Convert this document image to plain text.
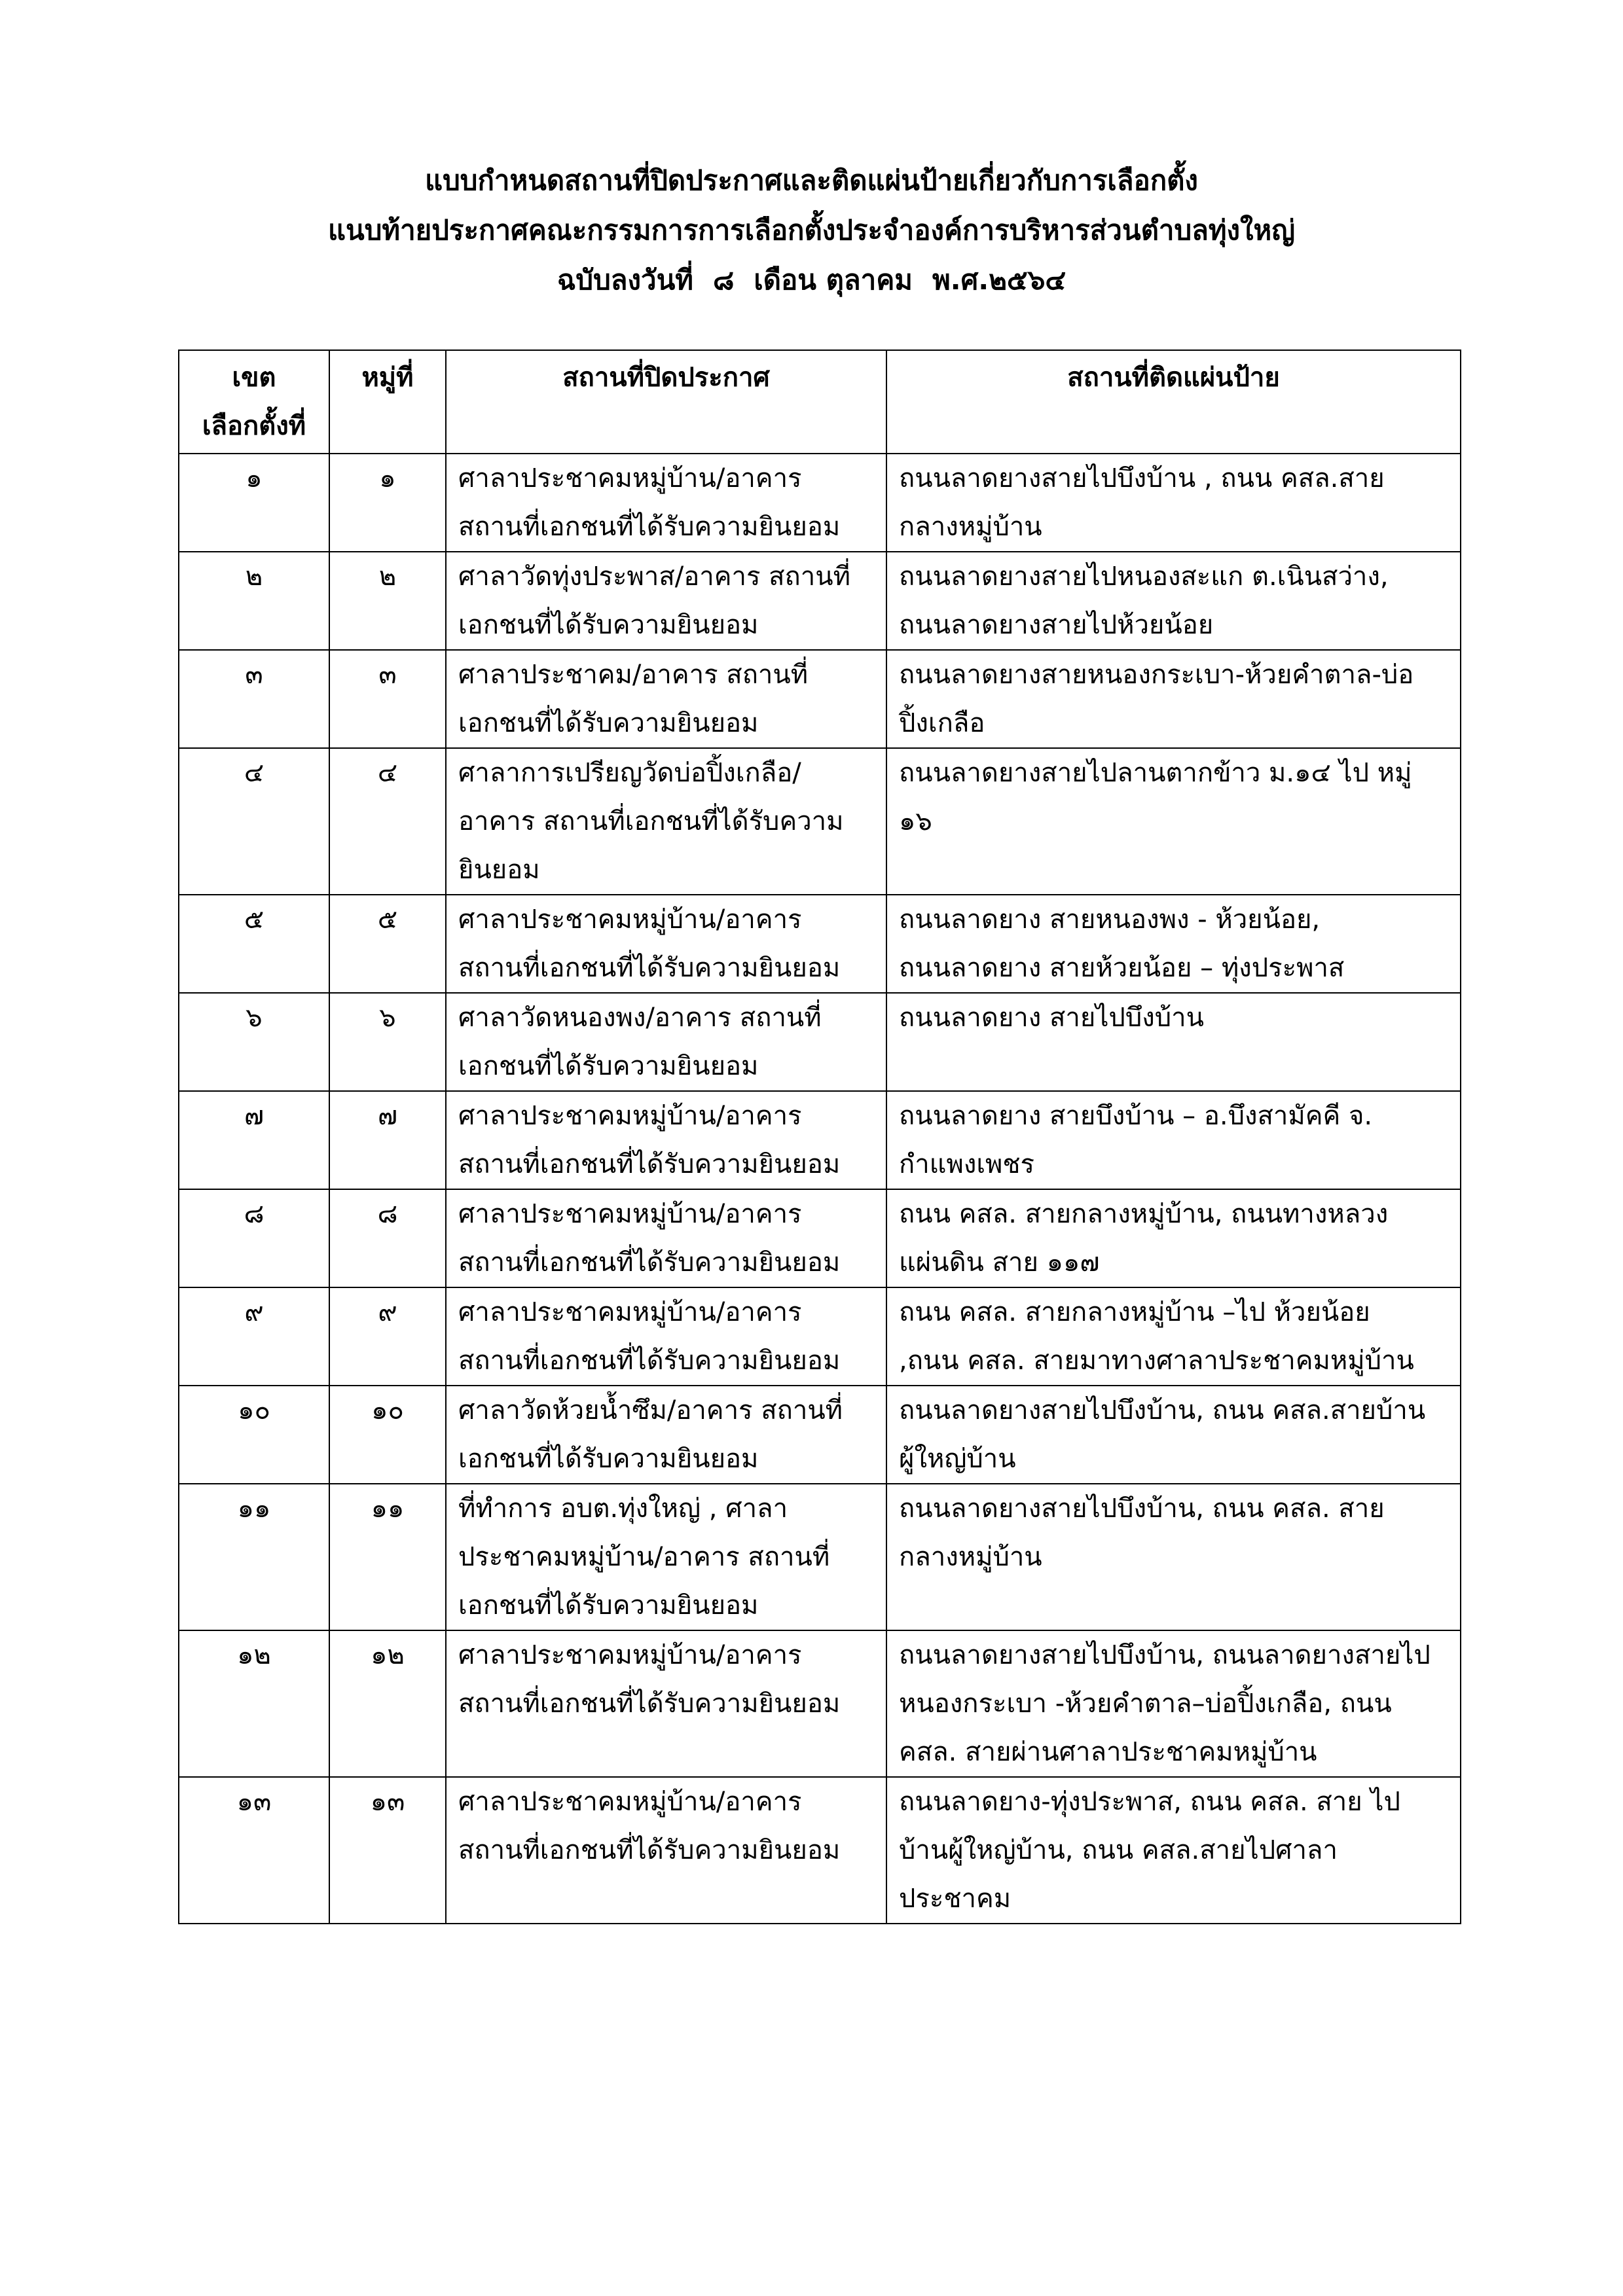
แบบกำหนดสถานที่ปิดประกาศและติดแผ่นป้ายเกี่ยวกับการเลือกตั้ง
แนบท้ายประกาศคณะกรรมการการเลือกตั้งประจำองค์การบริหารส่วนตำบลทุ่งใหญ่
ฉบับลงวันที่ ๘ เดือน ตุลาคม พ.ศ.๒๕๖๔
เขต
เลือกตั้งที่	หมู่ที่	สถานที่ปิดประกาศ	สถานที่ติดแผ่นป้าย
๑	๑	ศาลาประชาคมหมู่บ้าน/อาคาร
สถานที่เอกชนที่ได้รับความยินยอม	ถนนลาดยางสายไปบึงบ้าน , ถนน คสล.สาย
กลางหมู่บ้าน
๒	๒	ศาลาวัดทุ่งประพาส/อาคาร สถานที่
เอกชนที่ได้รับความยินยอม	ถนนลาดยางสายไปหนองสะแก ต.เนินสว่าง,
ถนนลาดยางสายไปห้วยน้อย
๓	๓	ศาลาประชาคม/อาคาร สถานที่
เอกชนที่ได้รับความยินยอม	ถนนลาดยางสายหนองกระเบา-ห้วยคำตาล-บ่อ
ปิ้งเกลือ
๔	๔	ศาลาการเปรียญวัดบ่อปิ้งเกลือ/
อาคาร สถานที่เอกชนที่ได้รับความ
ยินยอม	ถนนลาดยางสายไปลานตากข้าว ม.๑๔ ไป หมู่
๑๖
๕	๕	ศาลาประชาคมหมู่บ้าน/อาคาร
สถานที่เอกชนที่ได้รับความยินยอม	ถนนลาดยาง สายหนองพง - ห้วยน้อย,
ถนนลาดยาง สายห้วยน้อย – ทุ่งประพาส
๖	๖	ศาลาวัดหนองพง/อาคาร สถานที่
เอกชนที่ได้รับความยินยอม	ถนนลาดยาง สายไปบึงบ้าน
๗	๗	ศาลาประชาคมหมู่บ้าน/อาคาร
สถานที่เอกชนที่ได้รับความยินยอม	ถนนลาดยาง สายบึงบ้าน – อ.บึงสามัคคี จ.
กำแพงเพชร
๘	๘	ศาลาประชาคมหมู่บ้าน/อาคาร
สถานที่เอกชนที่ได้รับความยินยอม	ถนน คสล. สายกลางหมู่บ้าน, ถนนทางหลวง
แผ่นดิน สาย ๑๑๗
๙	๙	ศาลาประชาคมหมู่บ้าน/อาคาร
สถานที่เอกชนที่ได้รับความยินยอม	ถนน คสล. สายกลางหมู่บ้าน –ไป ห้วยน้อย
,ถนน คสล. สายมาทางศาลาประชาคมหมู่บ้าน
๑๐	๑๐	ศาลาวัดห้วยน้ำซึม/อาคาร สถานที่
เอกชนที่ได้รับความยินยอม	ถนนลาดยางสายไปบึงบ้าน, ถนน คสล.สายบ้าน
ผู้ใหญ่บ้าน
๑๑	๑๑	ที่ทำการ อบต.ทุ่งใหญ่ , ศาลา
ประชาคมหมู่บ้าน/อาคาร สถานที่
เอกชนที่ได้รับความยินยอม	ถนนลาดยางสายไปบึงบ้าน, ถนน คสล. สาย
กลางหมู่บ้าน
๑๒	๑๒	ศาลาประชาคมหมู่บ้าน/อาคาร
สถานที่เอกชนที่ได้รับความยินยอม	ถนนลาดยางสายไปบึงบ้าน, ถนนลาดยางสายไป
หนองกระเบา -ห้วยคำตาล–บ่อปิ้งเกลือ, ถนน
คสล. สายผ่านศาลาประชาคมหมู่บ้าน
๑๓	๑๓	ศาลาประชาคมหมู่บ้าน/อาคาร
สถานที่เอกชนที่ได้รับความยินยอม	ถนนลาดยาง-ทุ่งประพาส, ถนน คสล. สาย ไป
บ้านผู้ใหญ่บ้าน, ถนน คสล.สายไปศาลา
ประชาคม
